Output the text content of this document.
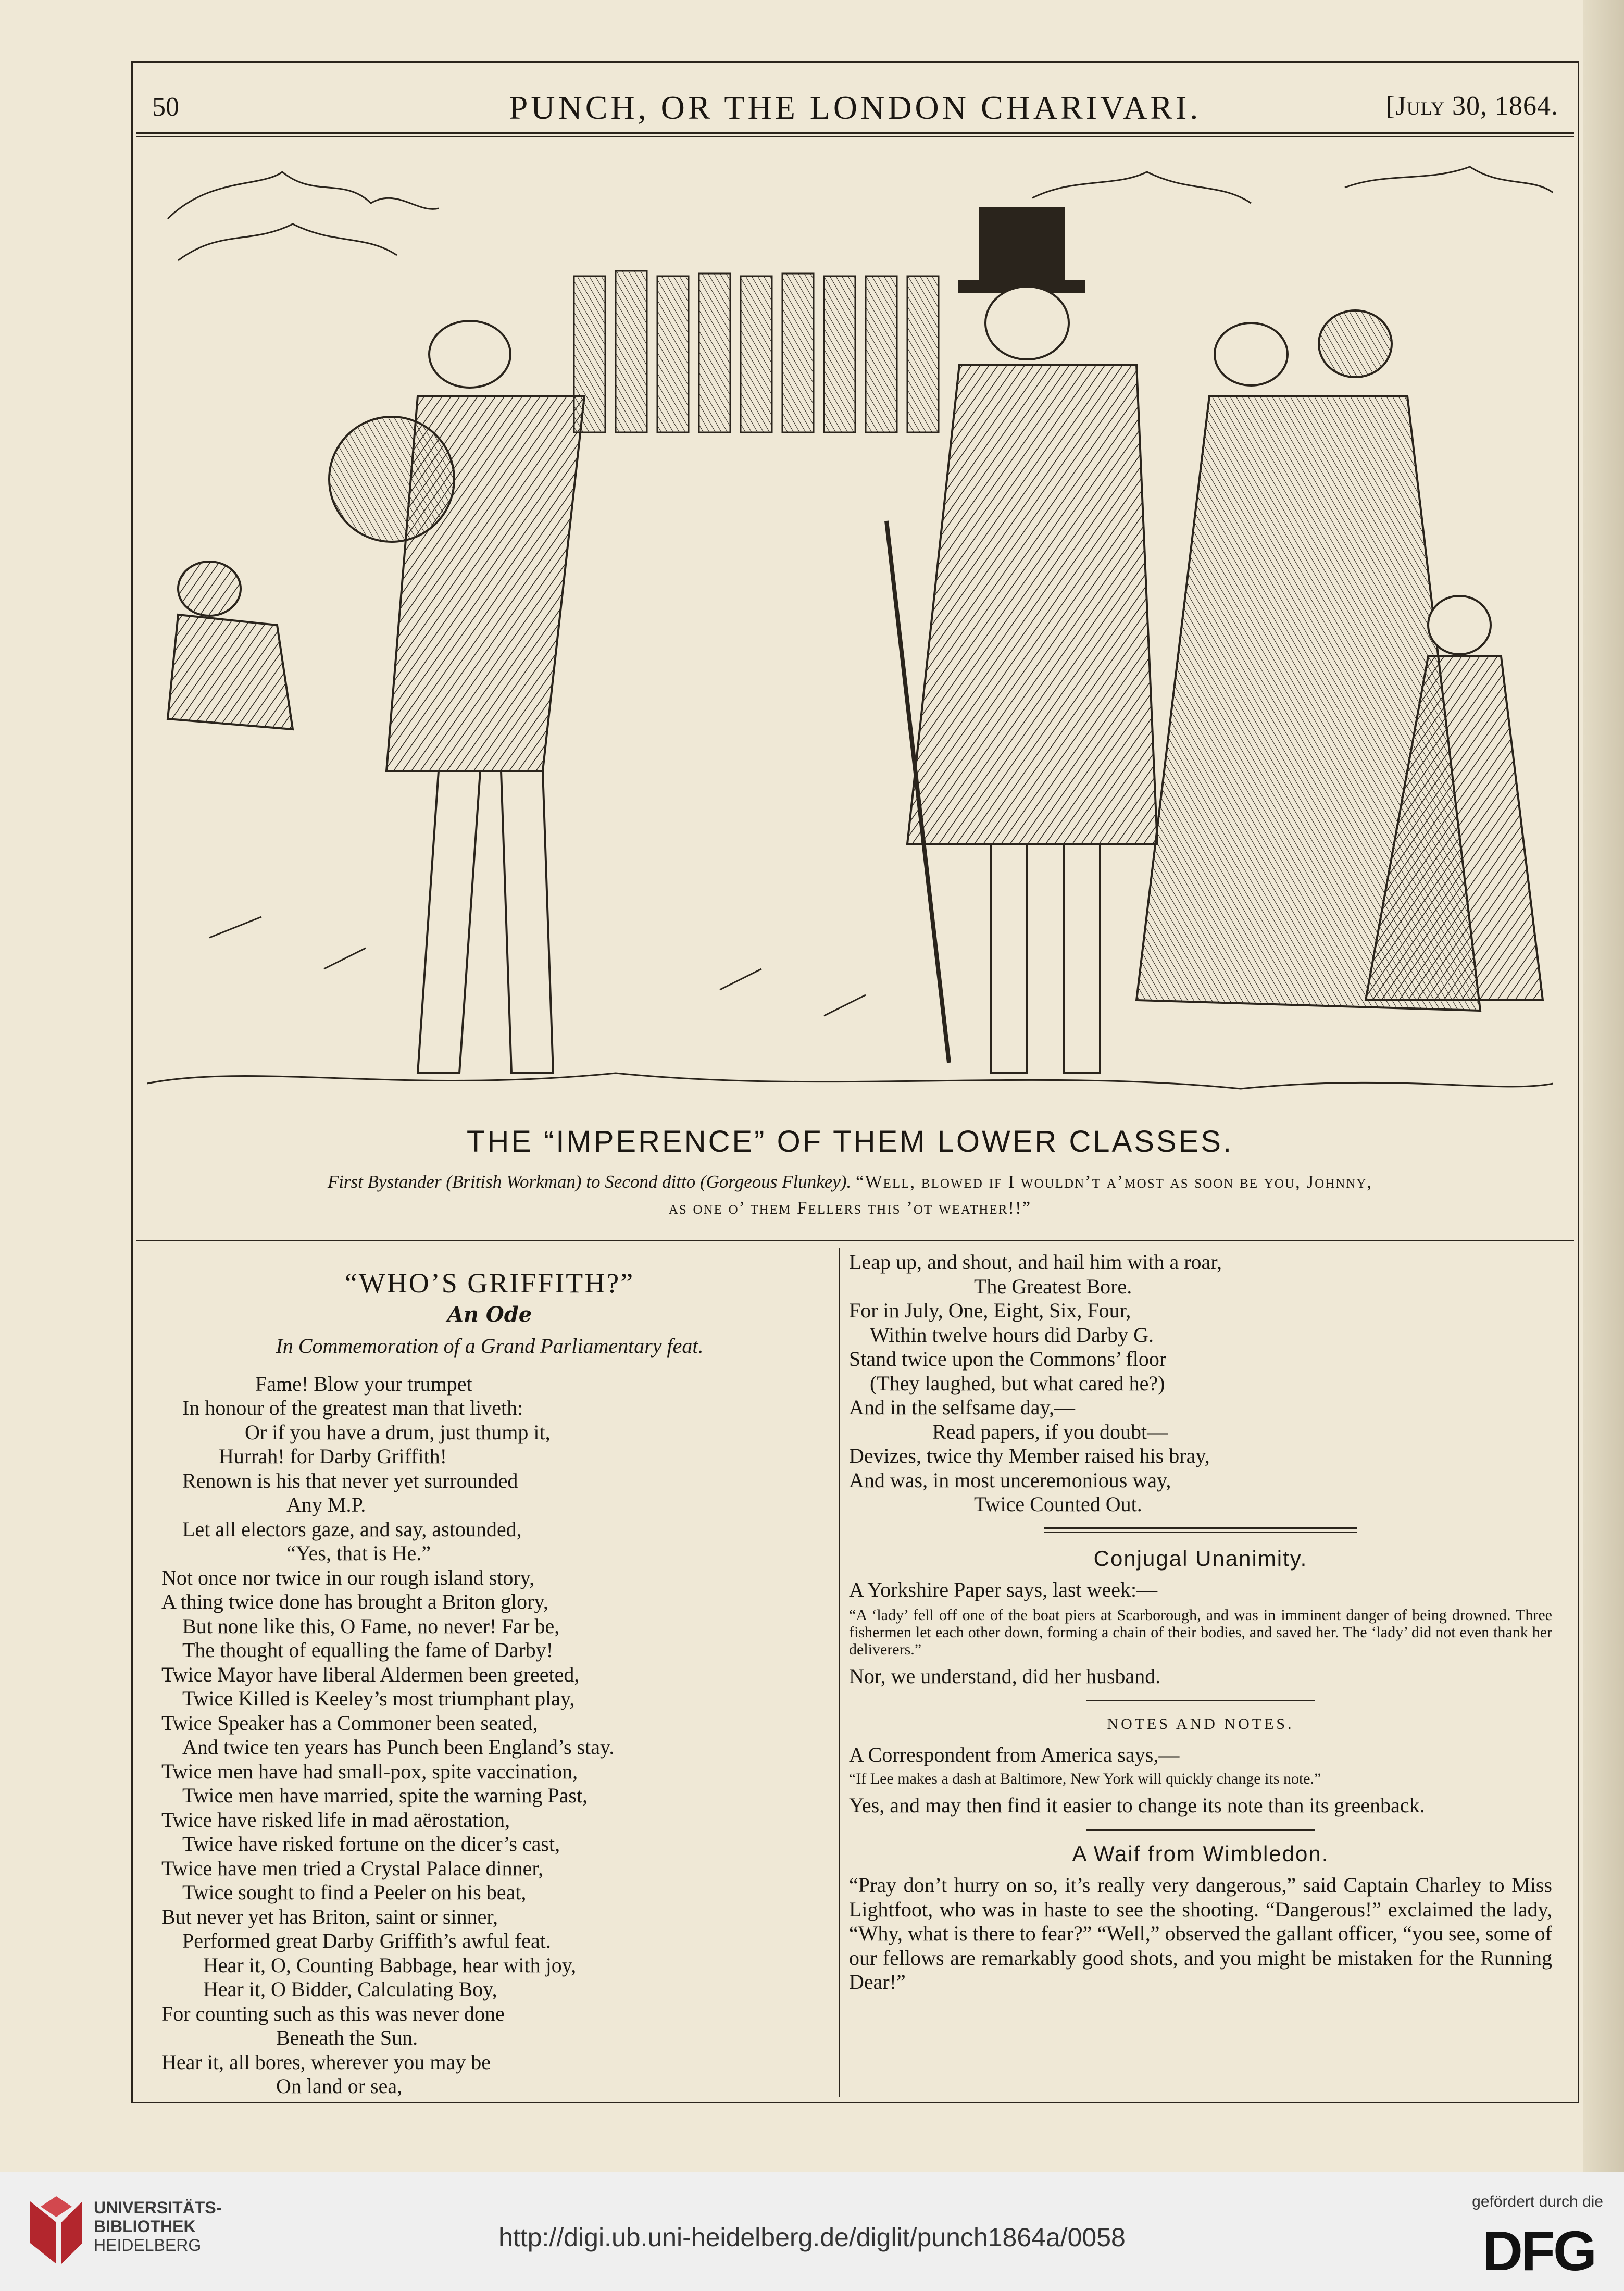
50	PUNCH, OR THE LONDON CHARIVARI.	[July 30, 1864.
THE “IMPERENCE” OF THEM LOWER CLASSES.
First Bystander (British Workman) to Second ditto (Gorgeous Flunkey). “Well, blowed if I wouldn’t a’most as soon be you, Johnny,
as one o’ them Fellers this ’ot weather!!”
“WHO’S GRIFFITH?”
An Ode
In Commemoration of a Grand Parliamentary feat.
Fame! Blow your trumpet
In honour of the greatest man that liveth:
Or if you have a drum, just thump it,
Hurrah! for Darby Griffith!
Renown is his that never yet surrounded
Any M.P.
Let all electors gaze, and say, astounded,
“Yes, that is He.”
Not once nor twice in our rough island story,
A thing twice done has brought a Briton glory,
But none like this, O Fame, no never! Far be,
The thought of equalling the fame of Darby!
Twice Mayor have liberal Aldermen been greeted,
Twice Killed is Keeley’s most triumphant play,
Twice Speaker has a Commoner been seated,
And twice ten years has Punch been England’s stay.
Twice men have had small-pox, spite vaccination,
Twice men have married, spite the warning Past,
Twice have risked life in mad aërostation,
Twice have risked fortune on the dicer’s cast,
Twice have men tried a Crystal Palace dinner,
Twice sought to find a Peeler on his beat,
But never yet has Briton, saint or sinner,
Performed great Darby Griffith’s awful feat.
Hear it, O, Counting Babbage, hear with joy,
Hear it, O Bidder, Calculating Boy,
For counting such as this was never done
Beneath the Sun.
Hear it, all bores, wherever you may be
On land or sea,
Leap up, and shout, and hail him with a roar,
The Greatest Bore.
For in July, One, Eight, Six, Four,
Within twelve hours did Darby G.
Stand twice upon the Commons’ floor
(They laughed, but what cared he?)
And in the selfsame day,—
Read papers, if you doubt—
Devizes, twice thy Member raised his bray,
And was, in most unceremonious way,
Twice Counted Out.
Conjugal Unanimity.
A Yorkshire Paper says, last week:—
“A ‘lady’ fell off one of the boat piers at Scarborough, and was in imminent danger of being drowned. Three fishermen let each other down, forming a chain of their bodies, and saved her. The ‘lady’ did not even thank her deliverers.”
Nor, we understand, did her husband.
NOTES AND NOTES.
A Correspondent from America says,—
“If Lee makes a dash at Baltimore, New York will quickly change its note.”
Yes, and may then find it easier to change its note than its greenback.
A Waif from Wimbledon.
“Pray don’t hurry on so, it’s really very dangerous,” said Captain Charley to Miss Lightfoot, who was in haste to see the shooting. “Dangerous!” exclaimed the lady, “Why, what is there to fear?” “Well,” observed the gallant officer, “you see, some of our fellows are remarkably good shots, and you might be mistaken for the Running Dear!”
UNIVERSITÄTS-
BIBLIOTHEK
HEIDELBERG	http://digi.ub.uni-heidelberg.de/diglit/punch1864a/0058
gefördert durch die
DFG
